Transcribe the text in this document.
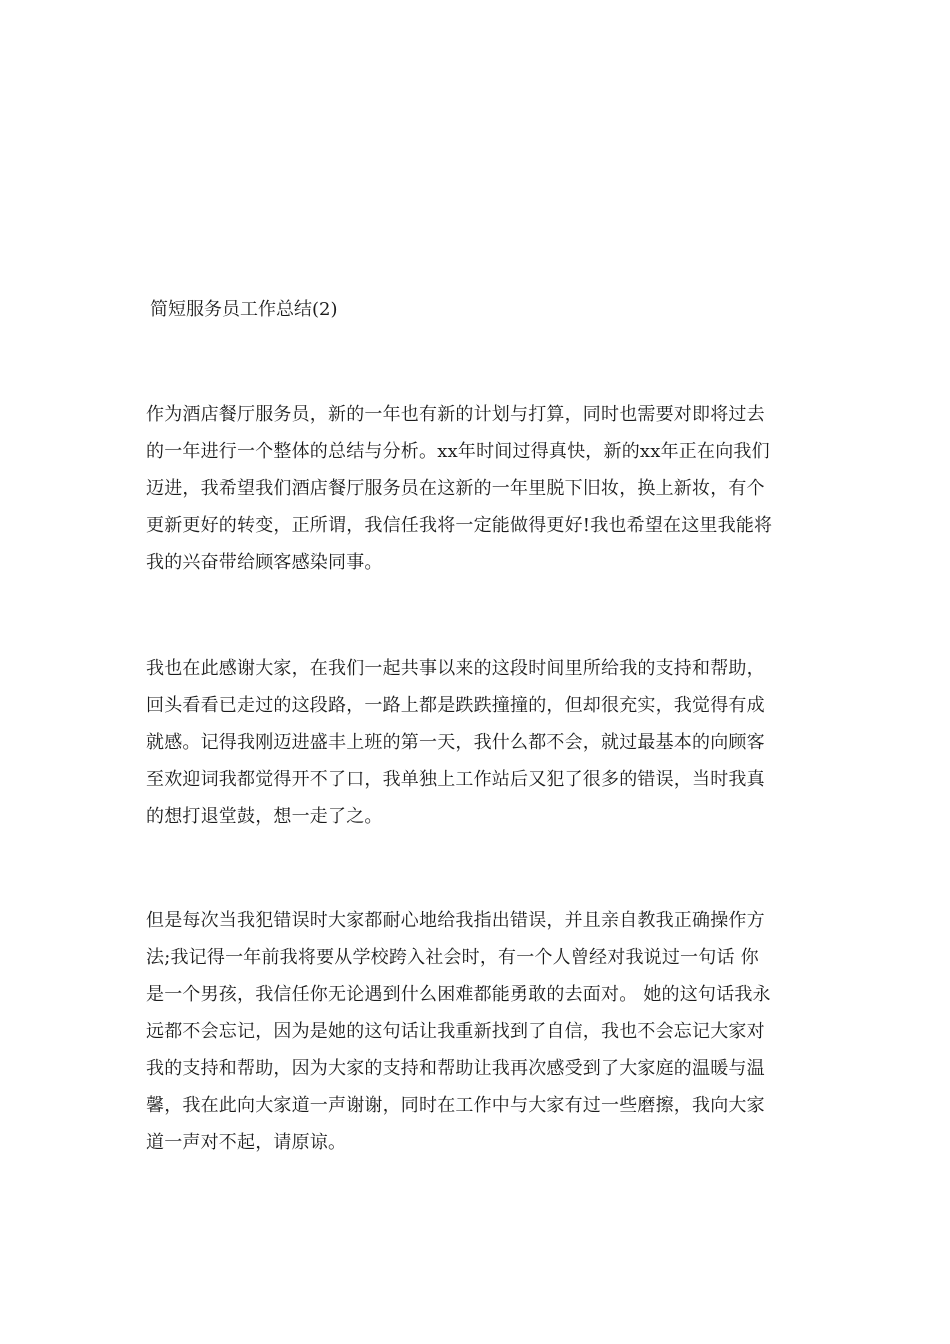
简短服务员工作总结(2)
作为酒店餐厅服务员，新的一年也有新的计划与打算，同时也需要对即将过去
的一年进行一个整体的总结与分析。xx年时间过得真快，新的xx年正在向我们
迈进，我希望我们酒店餐厅服务员在这新的一年里脱下旧妆，换上新妆，有个
更新更好的转变，正所谓，我信任我将一定能做得更好!我也希望在这里我能将
我的兴奋带给顾客感染同事。
我也在此感谢大家，在我们一起共事以来的这段时间里所给我的支持和帮助，
回头看看已走过的这段路，一路上都是跌跌撞撞的，但却很充实，我觉得有成
就感。记得我刚迈进盛丰上班的第一天，我什么都不会，就过最基本的向顾客
至欢迎词我都觉得开不了口，我单独上工作站后又犯了很多的错误，当时我真
的想打退堂鼓，想一走了之。
但是每次当我犯错误时大家都耐心地给我指出错误，并且亲自教我正确操作方
法;我记得一年前我将要从学校跨入社会时，有一个人曾经对我说过一句话 你
是一个男孩，我信任你无论遇到什么困难都能勇敢的去面对。 她的这句话我永
远都不会忘记，因为是她的这句话让我重新找到了自信，我也不会忘记大家对
我的支持和帮助，因为大家的支持和帮助让我再次感受到了大家庭的温暖与温
馨，我在此向大家道一声谢谢，同时在工作中与大家有过一些磨擦，我向大家
道一声对不起，请原谅。
